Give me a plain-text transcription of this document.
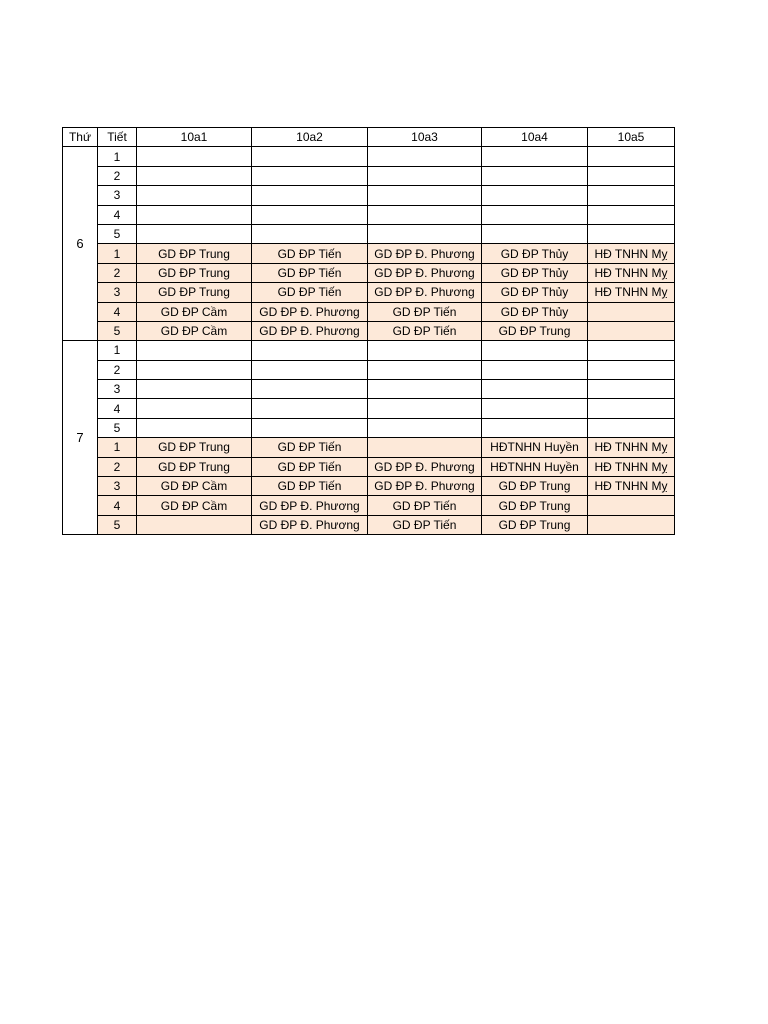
Thứ	Tiết	10a1	10a2	10a3	10a4	10a5
6	1					
	2					
	3					
	4					
	5					
	1	GD ĐP Trung	GD ĐP Tiến	GD ĐP Đ. Phương	GD ĐP Thủy	HĐ TNHN Mỵ
	2	GD ĐP Trung	GD ĐP Tiến	GD ĐP Đ. Phương	GD ĐP Thủy	HĐ TNHN Mỵ
	3	GD ĐP Trung	GD ĐP Tiến	GD ĐP Đ. Phương	GD ĐP Thủy	HĐ TNHN Mỵ
	4	GD ĐP Cầm	GD ĐP Đ. Phương	GD ĐP Tiến	GD ĐP Thủy	
	5	GD ĐP Cầm	GD ĐP Đ. Phương	GD ĐP Tiến	GD ĐP Trung	
7	1					
	2					
	3					
	4					
	5					
	1	GD ĐP Trung	GD ĐP Tiến		HĐTNHN Huyền	HĐ TNHN Mỵ
	2	GD ĐP Trung	GD ĐP Tiến	GD ĐP Đ. Phương	HĐTNHN Huyền	HĐ TNHN Mỵ
	3	GD ĐP Cầm	GD ĐP Tiến	GD ĐP Đ. Phương	GD ĐP Trung	HĐ TNHN Mỵ
	4	GD ĐP Cầm	GD ĐP Đ. Phương	GD ĐP Tiến	GD ĐP Trung	
	5		GD ĐP Đ. Phương	GD ĐP Tiến	GD ĐP Trung	
